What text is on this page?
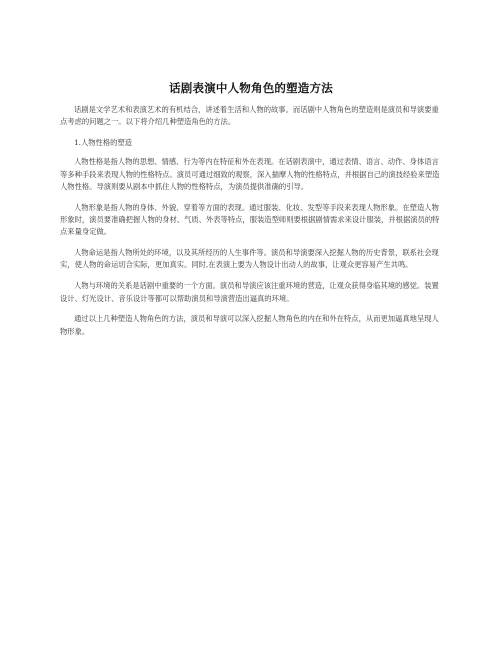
话剧表演中人物角色的塑造方法

话剧是文学艺术和表演艺术的有机结合，讲述着生活和人物的故事。而话剧中人物角色的塑造则是演员和导演要重点考虑的问题之一。以下将介绍几种塑造角色的方法。

1.人物性格的塑造

人物性格是指人物的思想、情感、行为等内在特征和外在表现。在话剧表演中，通过表情、语言、动作、身体语言等多种手段来表现人物的性格特点。演员可通过细致的观察，深入揣摩人物的性格特点，并根据自己的演技经验来塑造人物性格。导演则要从剧本中抓住人物的性格特点，为演员提供准确的引导。

人物形象是指人物的身体、外貌、穿着等方面的表现。通过服装、化妆、发型等手段来表现人物形象。在塑造人物形象时，演员要准确把握人物的身材、气质、外表等特点，服装造型师则要根据剧情需求来设计服装，并根据演员的特点来量身定做。

人物命运是指人物所处的环境，以及其所经历的人生事件等。演员和导演要深入挖掘人物的历史背景，联系社会现实，使人物的命运切合实际，更加真实。同时,在表演上要为人物设计出动人的故事，让观众更容易产生共鸣。

人物与环境的关系是话剧中重要的一个方面。演员和导演应该注重环境的营造，让观众获得身临其境的感觉。装置设计、灯光设计、音乐设计等都可以帮助演员和导演营造出逼真的环境。

通过以上几种塑造人物角色的方法，演员和导演可以深入挖掘人物角色的内在和外在特点，从而更加逼真地呈现人物形象。
